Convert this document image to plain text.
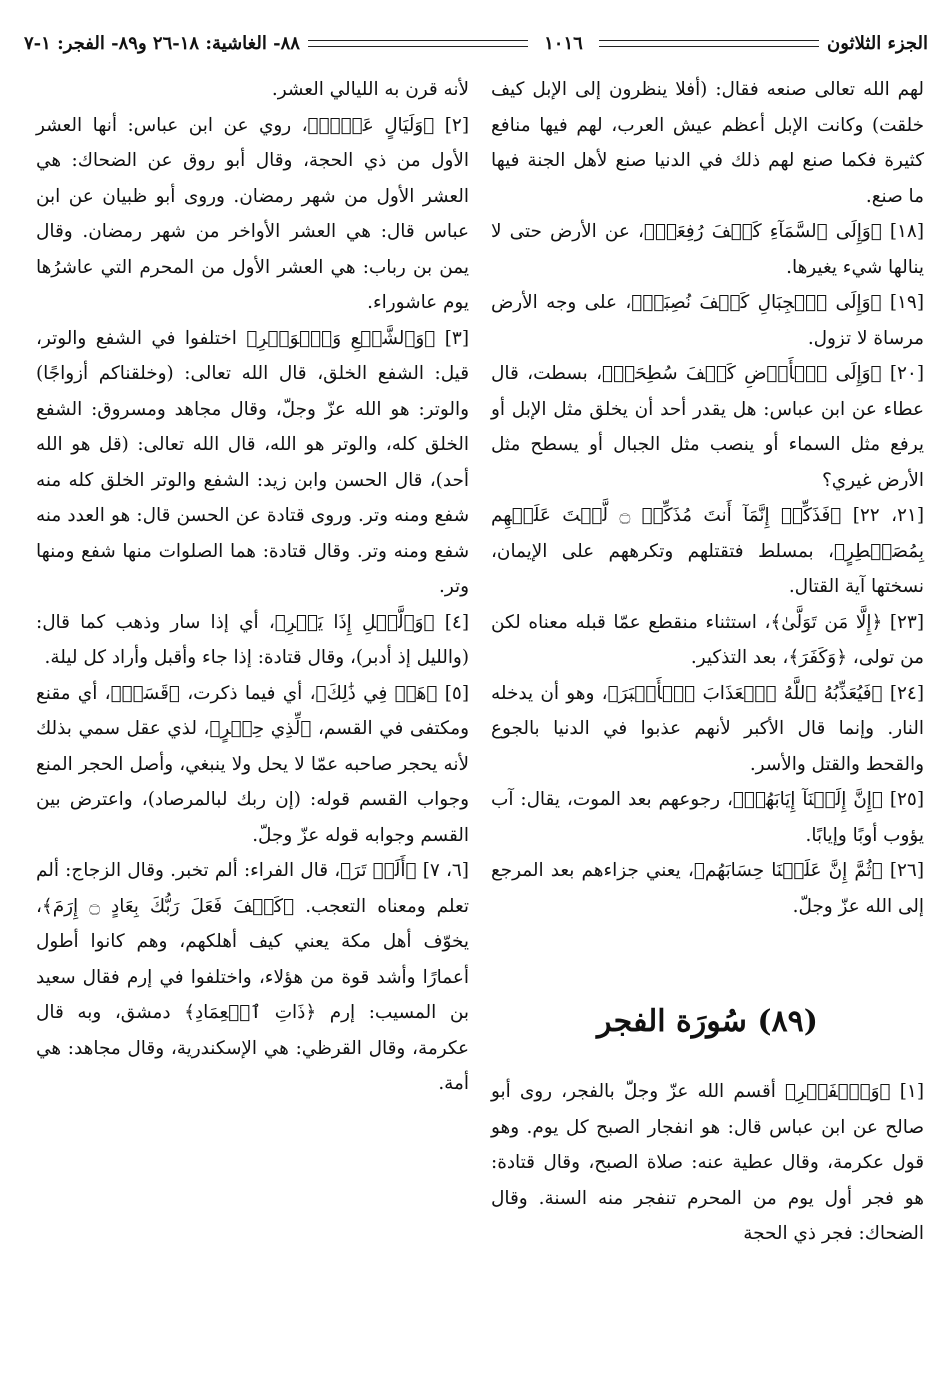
الجزء الثلاثون
١٠١٦
٨٨- الغاشية: ١٨-٢٦ و٨٩- الفجر: ١-٧

لهم الله تعالى صنعه فقال: (أفلا ينظرون إلى الإبل كيف خلقت) وكانت الإبل أعظم عيش العرب، لهم فيها منافع كثيرة فكما صنع لهم ذلك في الدنيا صنع لأهل الجنة فيها ما صنع.

[١٨] ﴿وَإِلَى ٱلسَّمَآءِ كَيۡفَ رُفِعَتۡ﴾، عن الأرض حتى لا ينالها شيء يغيرها.

[١٩] ﴿وَإِلَى ٱلۡجِبَالِ كَيۡفَ نُصِبَتۡ﴾، على وجه الأرض مرساة لا تزول.

[٢٠] ﴿وَإِلَى ٱلۡأَرۡضِ كَيۡفَ سُطِحَتۡ﴾، بسطت، قال عطاء عن ابن عباس: هل يقدر أحد أن يخلق مثل الإبل أو يرفع مثل السماء أو ينصب مثل الجبال أو يسطح مثل الأرض غيري؟

[٢١، ٢٢] ﴿فَذَكِّرۡ إِنَّمَآ أَنتَ مُذَكِّرٞ ۝ لَّسۡتَ عَلَيۡهِم بِمُصَيۡطِرٍ﴾، بمسلط فتقتلهم وتكرههم على الإيمان، نسختها آية القتال.

[٢٣] ﴿إِلَّا مَن تَوَلَّىٰ﴾، استثناء منقطع عمّا قبله معناه لكن من تولى، ﴿وَكَفَرَ﴾، بعد التذكير.

[٢٤] ﴿فَيُعَذِّبُهُ ٱللَّهُ ٱلۡعَذَابَ ٱلۡأَكۡبَرَ﴾، وهو أن يدخله النار. وإنما قال الأكبر لأنهم عذبوا في الدنيا بالجوع والقحط والقتل والأسر.

[٢٥] ﴿إِنَّ إِلَيۡنَآ إِيَابَهُمۡ﴾، رجوعهم بعد الموت، يقال: آب يؤوب أوبًا وإيابًا.

[٢٦] ﴿ثُمَّ إِنَّ عَلَيۡنَا حِسَابَهُم﴾، يعني جزاءهم بعد المرجع إلى الله عزّ وجلّ.

(٨٩) سُورَة الفجر

[١] ﴿وَٱلۡفَجۡرِ﴾ أقسم الله عزّ وجلّ بالفجر، روى أبو صالح عن ابن عباس قال: هو انفجار الصبح كل يوم. وهو قول عكرمة، وقال عطية عنه: صلاة الصبح، وقال قتادة: هو فجر أول يوم من المحرم تنفجر منه السنة. وقال الضحاك: فجر ذي الحجة

لأنه قرن به الليالي العشر.

[٢] ﴿وَلَيَالٍ عَشۡرٖ﴾، روي عن ابن عباس: أنها العشر الأول من ذي الحجة، وقال أبو روق عن الضحاك: هي العشر الأول من شهر رمضان. وروى أبو ظبيان عن ابن عباس قال: هي العشر الأواخر من شهر رمضان. وقال يمن بن رباب: هي العشر الأول من المحرم التي عاشرُها يوم عاشوراء.

[٣] ﴿وَٱلشَّفۡعِ وَٱلۡوَتۡرِ﴾ اختلفوا في الشفع والوتر، قيل: الشفع الخلق، قال الله تعالى: (وخلقناكم أزواجًا) والوتر: هو الله عزّ وجلّ، وقال مجاهد ومسروق: الشفع الخلق كله، والوتر هو الله، قال الله تعالى: (قل هو الله أحد)، قال الحسن وابن زيد: الشفع والوتر الخلق كله منه شفع ومنه وتر. وروى قتادة عن الحسن قال: هو العدد منه شفع ومنه وتر. وقال قتادة: هما الصلوات منها شفع ومنها وتر.

[٤] ﴿وَٱلَّيۡلِ إِذَا يَسۡرِ﴾، أي إذا سار وذهب كما قال: (والليل إذ أدبر)، وقال قتادة: إذا جاء وأقبل وأراد كل ليلة.

[٥] ﴿هَلۡ فِي ذَٰلِكَ﴾، أي فيما ذكرت، ﴿قَسَمٞ﴾، أي مقنع ومكتفى في القسم، ﴿لِّذِي حِجۡرٍ﴾، لذي عقل سمي بذلك لأنه يحجر صاحبه عمّا لا يحل ولا ينبغي، وأصل الحجر المنع وجواب القسم قوله: (إن ربك لبالمرصاد)، واعترض بين القسم وجوابه قوله عزّ وجلّ.

[٦، ٧] ﴿أَلَمۡ تَرَ﴾، قال الفراء: ألم تخبر. وقال الزجاج: ألم تعلم ومعناه التعجب. ﴿كَيۡفَ فَعَلَ رَبُّكَ بِعَادٍ ۝ إِرَمَ﴾، يخوّف أهل مكة يعني كيف أهلكهم، وهم كانوا أطول أعمارًا وأشد قوة من هؤلاء، واختلفوا في إرم فقال سعيد بن المسيب: إرم ﴿ذَاتِ ٱلۡعِمَادِ﴾ دمشق، وبه قال عكرمة، وقال القرظي: هي الإسكندرية، وقال مجاهد: هي أمة.
